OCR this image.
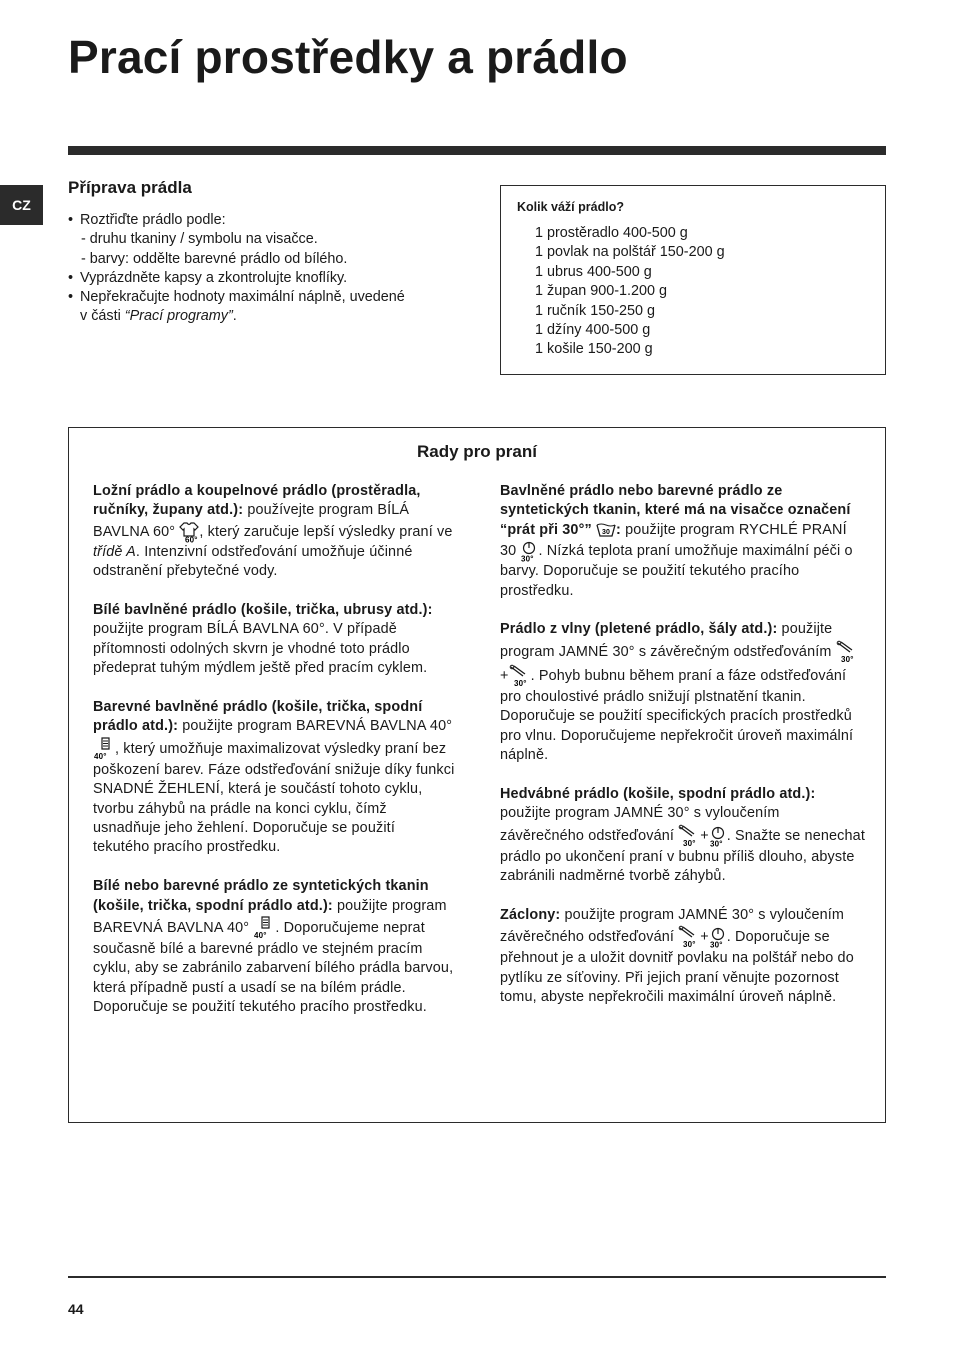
Prací prostředky a prádlo
CZ
Příprava prádla
• Roztřiďte prádlo podle:
- druhu tkaniny / symbolu na visačce.
- barvy: oddělte barevné prádlo od bílého.
• Vyprázdněte kapsy a zkontrolujte knoflíky.
• Nepřekračujte hodnoty maximální náplně, uvedené
v části “Prací programy”.

Kolik váží prádlo?

1 prostěradlo 400-500 g
1 povlak na polštář 150-200 g
1 ubrus 400-500 g
1 župan 900-1.200 g
1 ručník 150-250 g
1 džíny 400-500 g
1 košile 150-200 g
Rady pro praní

Ložní prádlo a koupelnové prádlo (prostěradla, ručníky, župany atd.): používejte program BÍLÁ BAVLNA 60°
60°
, který zaručuje lepší výsledky praní ve třídě A. Intenzivní odstřeďování umožňuje účinné odstranění přebytečné vody.

Bílé bavlněné prádlo (košile, trička, ubrusy atd.): použijte program BÍLÁ BAVLNA 60°. V případě přítomnosti odolných skvrn je vhodné toto prádlo předeprat tuhým mýdlem ještě před pracím cyklem.

Barevné bavlněné prádlo (košile, trička, spodní prádlo atd.): použijte program BAREVNÁ BAVLNA 40°
40° , který umožňuje maximalizovat výsledky praní bez poškození barev. Fáze odstřeďování snižuje díky funkci SNADNÉ ŽEHLENÍ, která je součástí tohoto cyklu, tvorbu záhybů na prádle na konci cyklu, čímž usnadňuje jeho žehlení. Doporučuje se použití tekutého pracího prostředku.

Bílé nebo barevné prádlo ze syntetických tkanin (košile, trička, spodní prádlo atd.): použijte program BAREVNÁ BAVLNA 40° 40° . Doporučujeme neprat současně bílé a barevné prádlo ve stejném pracím cyklu, aby se zabránilo zabarvení bílého prádla barvou, která případně pustí a usadí se na bílém prádle. Doporučuje se použití tekutého pracího prostředku.

Bavlněné prádlo nebo barevné prádlo ze syntetických tkanin, které má na visačce označení “prát při 30°” 30 : použijte program RYCHLÉ PRANÍ 30
30°
. Nízká teplota praní umožňuje maximální péči o barvy. Doporučuje se použití tekutého pracího prostředku.

Prádlo z vlny (pletené prádlo, šály atd.): použijte program JAMNÉ 30° s závěrečným odstřeďováním 30°
+ 30° . Pohyb bubnu během praní a fáze odstřeďování pro choulostivé prádlo snižují plstnatění tkanin. Doporučuje se použití specifických pracích prostředků pro vlnu. Doporučujeme nepřekročit úroveň maximální náplně.

Hedvábné prádlo (košile, spodní prádlo atd.): použijte program JAMNÉ 30° s vyloučením závěrečného odstřeďování 30° +
30°
. Snažte se nenechat prádlo po ukončení praní v bubnu příliš dlouho, abyste zabránili nadměrné tvorbě záhybů.

Záclony: použijte program JAMNÉ 30° s vyloučením závěrečného odstřeďování 30° +
30°
. Doporučuje se přehnout je a uložit dovnitř povlaku na polštář nebo do pytlíku ze síťoviny. Při jejich praní věnujte pozornost tomu, abyste nepřekročili maximální úroveň náplně.

44
